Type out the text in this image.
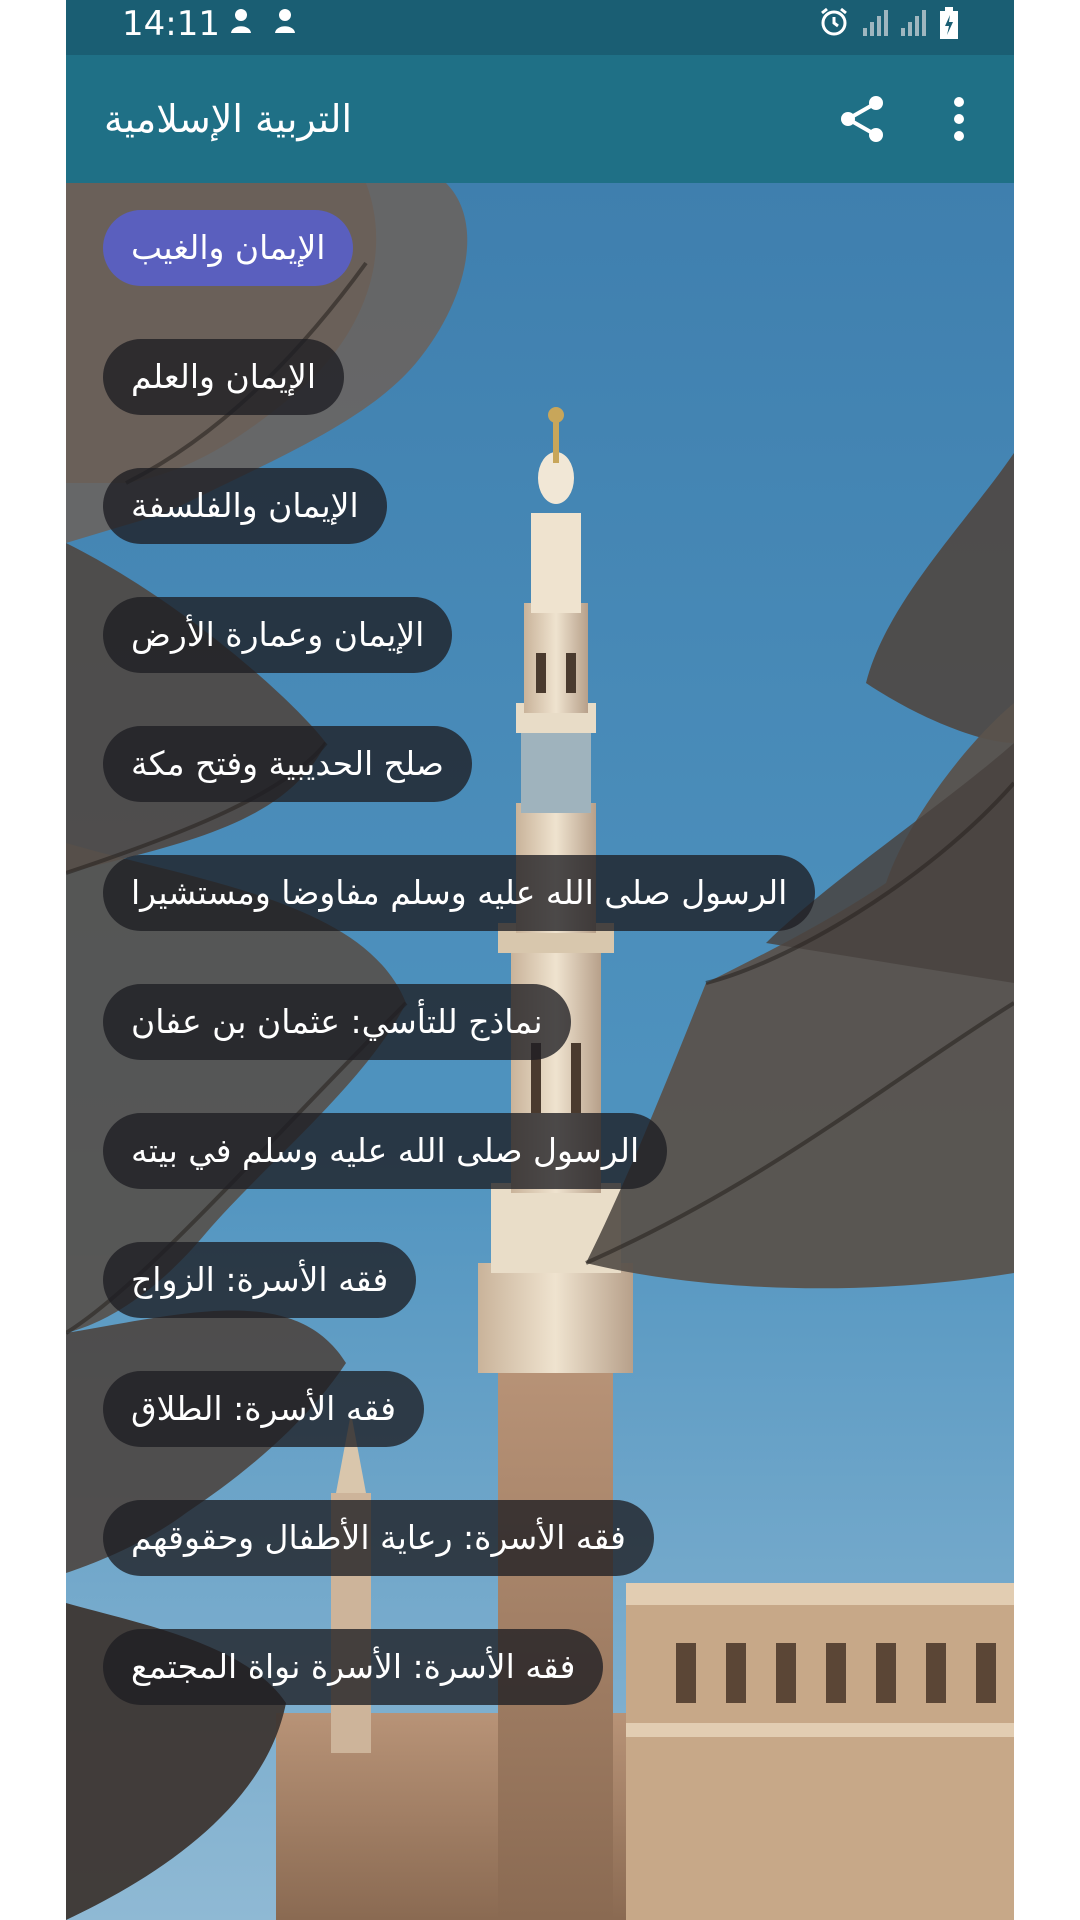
14:11
التربية الإسلامية
الإيمان والغيب
الإيمان والعلم
الإيمان والفلسفة
الإيمان وعمارة الأرض
صلح الحديبية وفتح مكة
الرسول صلى الله عليه وسلم مفاوضا ومستشيرا
نماذج للتأسي: عثمان بن عفان
الرسول صلى الله عليه وسلم في بيته
فقه الأسرة: الزواج
فقه الأسرة: الطلاق
فقه الأسرة: رعاية الأطفال وحقوقهم
فقه الأسرة: الأسرة نواة المجتمع
